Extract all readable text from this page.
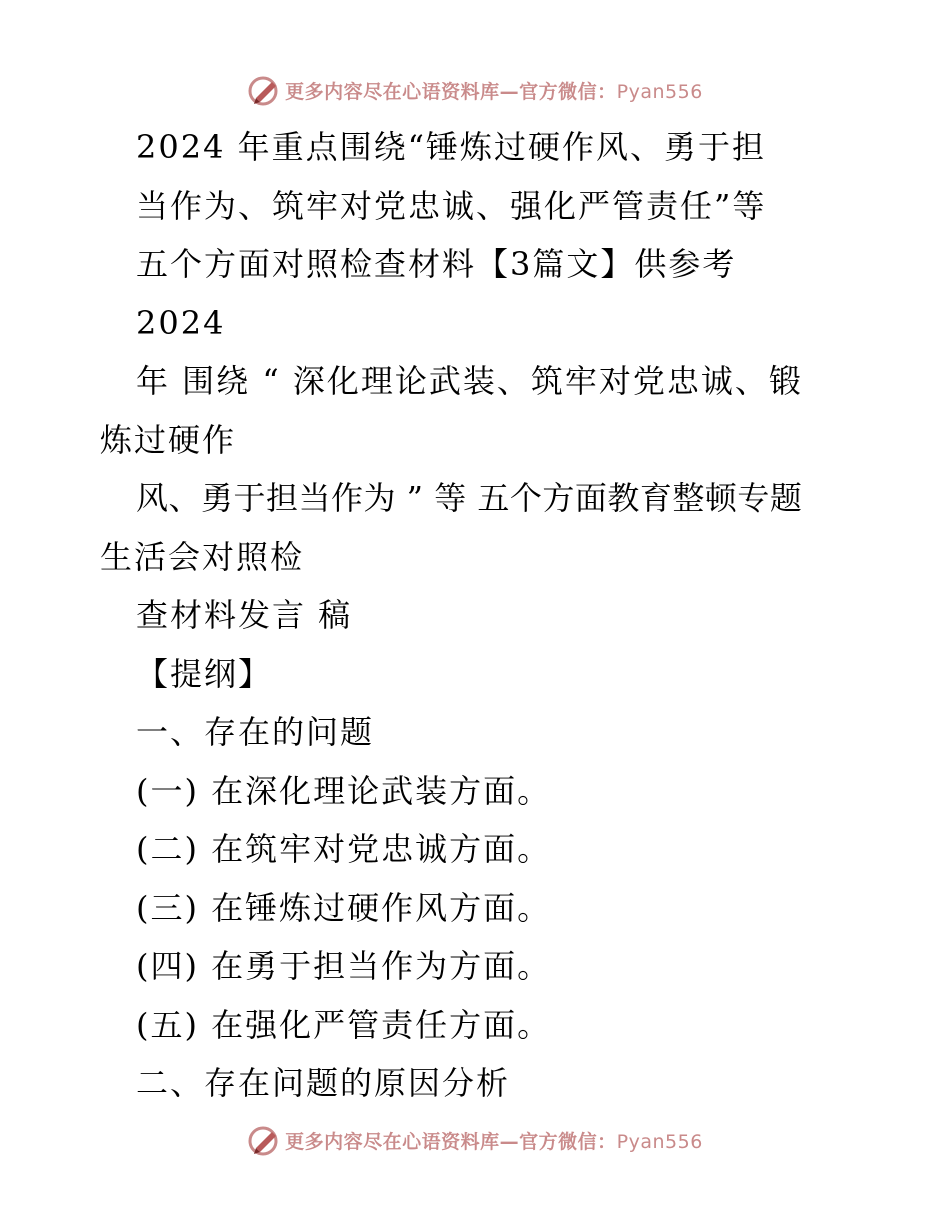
更多内容尽在心语资料库—官方微信：Pyan556
2024 年重点围绕“锤炼过硬作风、勇于担
当作为、筑牢对党忠诚、强化严管责任”等
五个方面对照检查材料【3篇文】供参考
2024
年 围绕 “ 深化理论武装、筑牢对党忠诚、锻
炼过硬作
风、勇于担当作为 ” 等 五个方面教育整顿专题
生活会对照检
查材料发言 稿
【提纲】
一、存在的问题
(一) 在深化理论武装方面。
(二) 在筑牢对党忠诚方面。
(三) 在锤炼过硬作风方面。
(四) 在勇于担当作为方面。
(五) 在强化严管责任方面。
二、存在问题的原因分析
更多内容尽在心语资料库—官方微信：Pyan556
